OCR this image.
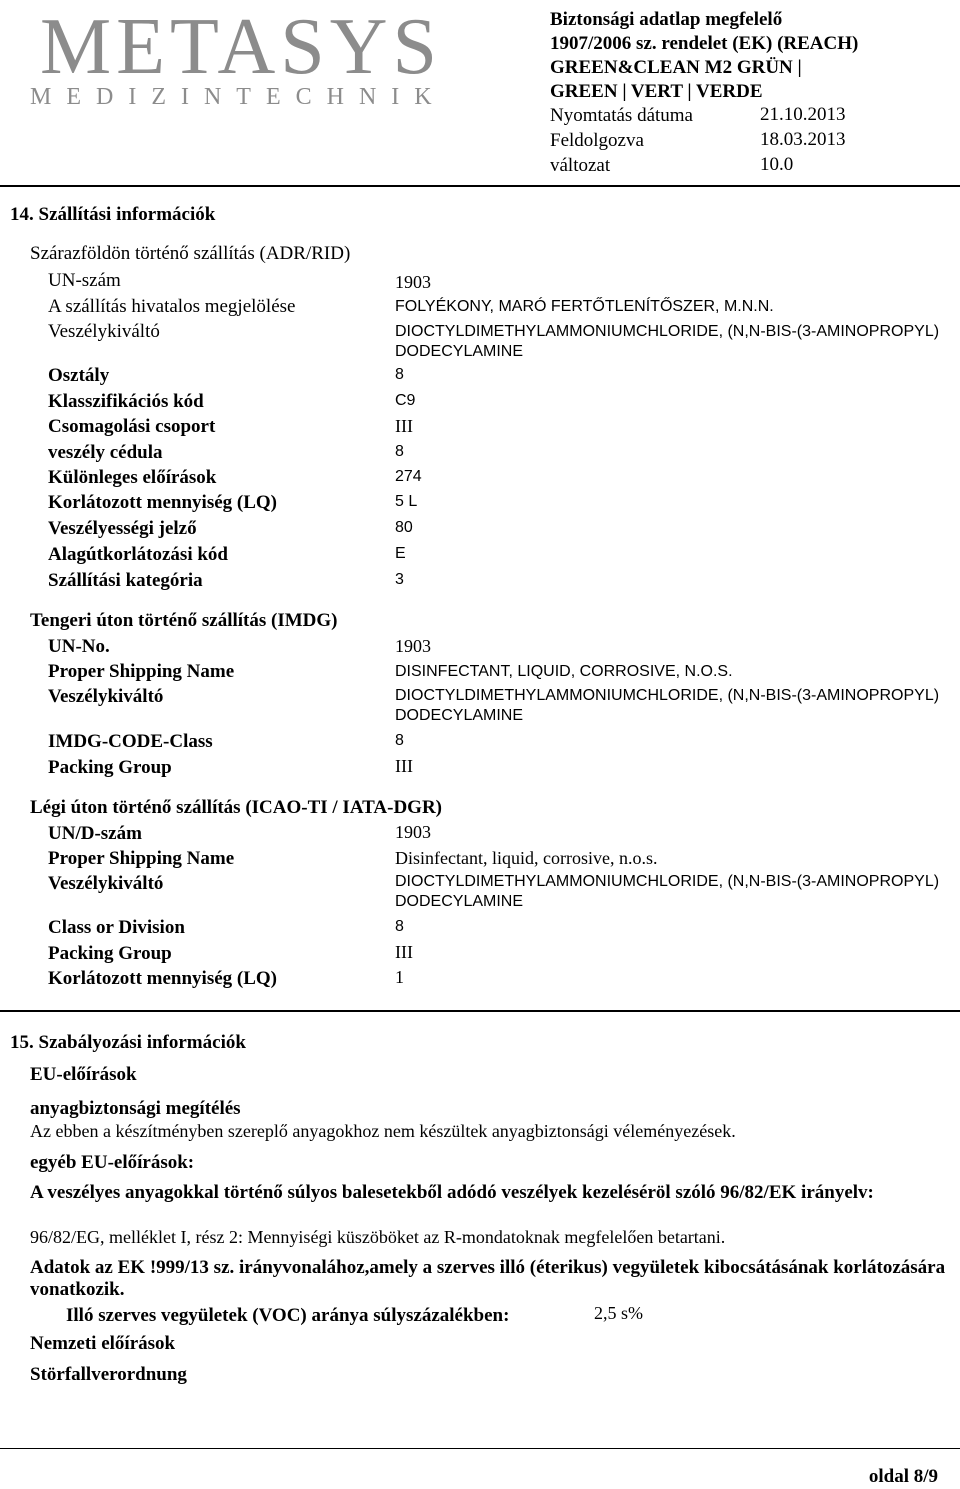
METASYS
MEDIZINTECHNIK
Biztonsági adatlap megfelelő
1907/2006 sz. rendelet (EK) (REACH)
GREEN&CLEAN M2 GRÜN |
GREEN | VERT | VERDE
Nyomtatás dátuma	21.10.2013
Feldolgozva	18.03.2013
változat	10.0
14. Szállítási információk
Szárazföldön történő szállítás (ADR/RID)
UN-szám	1903
A szállítás hivatalos megjelölése	FOLYÉKONY, MARÓ FERTŐTLENÍTŐSZER, M.N.N.
Veszélykiváltó	DIOCTYLDIMETHYLAMMONIUMCHLORIDE, (N,N-BIS-(3-AMINOPROPYL) DODECYLAMINE
Osztály	8
Klasszifikációs kód	C9
Csomagolási csoport	III
veszély cédula	8
Különleges előírások	274
Korlátozott mennyiség (LQ)	5 L
Veszélyességi jelző	80
Alagútkorlátozási kód	E
Szállítási kategória	3
Tengeri úton történő szállítás (IMDG)
UN-No.	1903
Proper Shipping Name	DISINFECTANT, LIQUID, CORROSIVE, N.O.S.
Veszélykiváltó	DIOCTYLDIMETHYLAMMONIUMCHLORIDE, (N,N-BIS-(3-AMINOPROPYL) DODECYLAMINE
IMDG-CODE-Class	8
Packing Group	III
Légi úton történő szállítás (ICAO-TI / IATA-DGR)
UN/D-szám	1903
Proper Shipping Name	Disinfectant, liquid, corrosive, n.o.s.
Veszélykiváltó	DIOCTYLDIMETHYLAMMONIUMCHLORIDE, (N,N-BIS-(3-AMINOPROPYL) DODECYLAMINE
Class or Division	8
Packing Group	III
Korlátozott mennyiség (LQ)	1
15. Szabályozási információk
EU-előírások
anyagbiztonsági megítélés
Az ebben a készítményben szereplő anyagokhoz nem készültek anyagbiztonsági véleményezések.
egyéb EU-előírások:
A veszélyes anyagokkal történő súlyos balesetekből adódó veszélyek kezeléséröl szóló 96/82/EK irányelv:
96/82/EG, melléklet I, rész 2: Mennyiségi küszöböket az R-mondatoknak megfelelően betartani.
Adatok az EK !999/13 sz. irányvonalához,amely a szerves illó (éterikus) vegyületek kibocsátásának korlátozására vonatkozik.
Illó szerves vegyületek (VOC) aránya súlyszázalékben:	2,5 s%
Nemzeti előírások
Störfallverordnung
oldal 8/9
